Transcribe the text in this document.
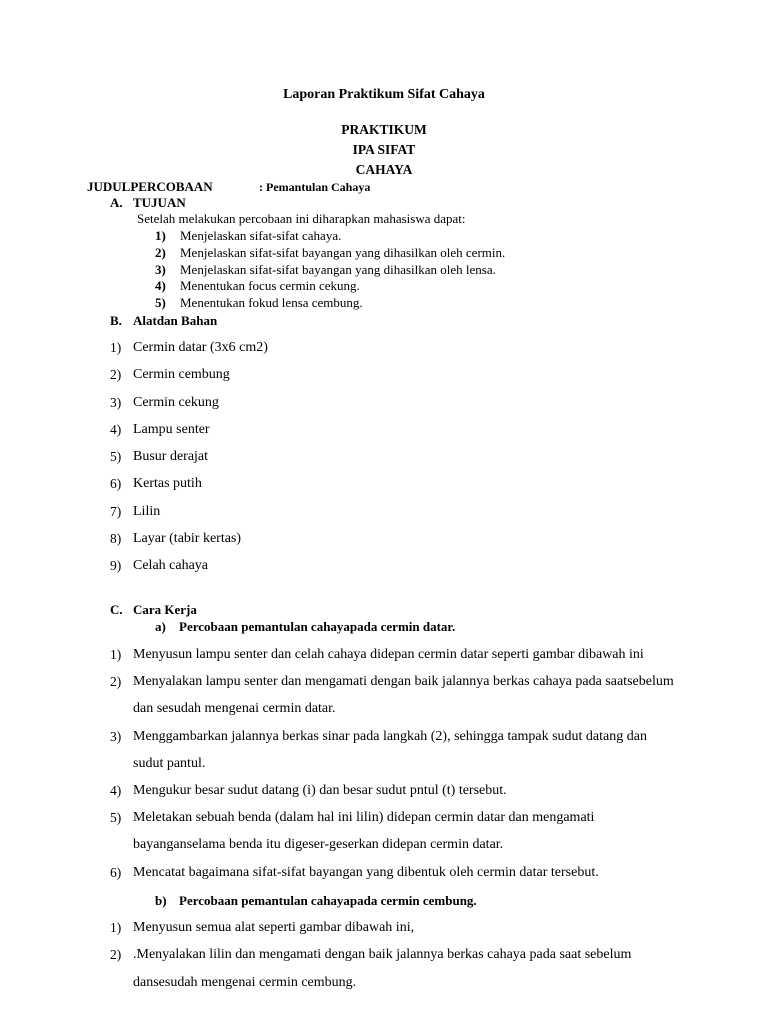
Laporan Praktikum Sifat Cahaya
PRAKTIKUM
IPA SIFAT
CAHAYA
JUDULPERCOBAAN	: Pemantulan Cahaya
A. TUJUAN
Setelah melakukan percobaan ini diharapkan mahasiswa dapat:
1) Menjelaskan sifat-sifat cahaya.
2) Menjelaskan sifat-sifat bayangan yang dihasilkan oleh cermin.
3) Menjelaskan sifat-sifat bayangan yang dihasilkan oleh lensa.
4) Menentukan focus cermin cekung.
5) Menentukan fokud lensa cembung.
B. Alatdan Bahan
1) Cermin datar (3x6 cm2)
2) Cermin cembung
3) Cermin cekung
4) Lampu senter
5) Busur derajat
6) Kertas putih
7) Lilin
8) Layar (tabir kertas)
9) Celah cahaya
C. Cara Kerja
a) Percobaan pemantulan cahayapada cermin datar.
1) Menyusun lampu senter dan celah cahaya didepan cermin datar seperti gambar dibawah ini
2) Menyalakan lampu senter dan mengamati dengan baik jalannya berkas cahaya pada saatsebelum
dan sesudah mengenai cermin datar.
3) Menggambarkan jalannya berkas sinar pada langkah (2), sehingga tampak sudut datang dan
sudut pantul.
4) Mengukur besar sudut datang (i) dan besar sudut pntul (t) tersebut.
5) Meletakan sebuah benda (dalam hal ini lilin) didepan cermin datar dan mengamati
bayanganselama benda itu digeser-geserkan didepan cermin datar.
6) Mencatat bagaimana sifat-sifat bayangan yang dibentuk oleh cermin datar tersebut.
b) Percobaan pemantulan cahayapada cermin cembung.
1) Menyusun semua alat seperti gambar dibawah ini,
2) .Menyalakan lilin dan mengamati dengan baik jalannya berkas cahaya pada saat sebelum
dansesudah mengenai cermin cembung.
